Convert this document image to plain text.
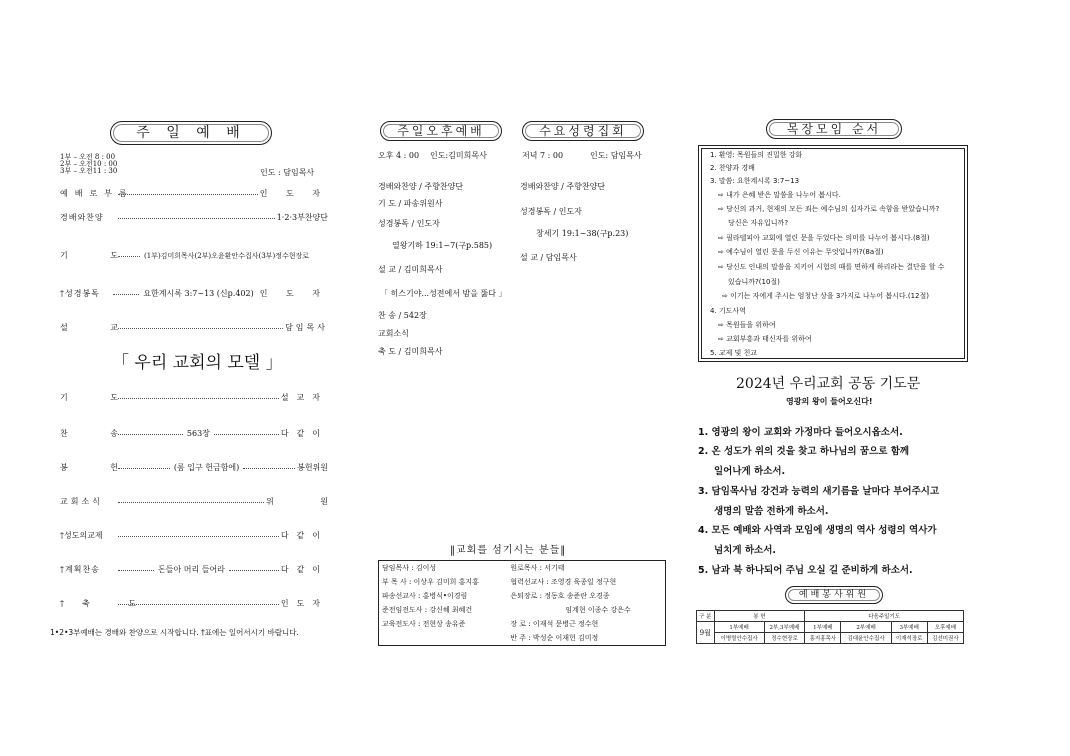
주 일 예 배
1부 – 오전 8 : 00
2부 – 오전10 : 00
3부 – 오전11 : 30	인도 : 담임목사
예배로부름	인 도 자
경배와찬양	1·2·3부찬양단
기 도 (1부)김미희목사(2부)오윤환안수집사(3부)정수현장로
†성경봉독	요한계시록 3:7~13 (신p.402) 인 도 자
설 교	담임목사
「 우리 교회의 모델 」
기 도	설교자
찬 송	563장	다같이
봉 헌	(롬 입구 헌금함에)	봉헌위원
교회소식	위 원
†성도의교제	다같이
†계획찬송	돈들아 머리 들어라	다같이
†축 도	인도자
1•2•3부예배는 경배와 찬양으로 시작합니다. †표에는 일어서시기 바랍니다.
주일오후예배
오후 4 : 00 인도:김미희목사
경배와찬양 / 주향찬양단
기 도 / 파송위원사
성경봉독 / 인도자
열왕기하 19:1~7(구p.585)
설 교 / 김미희목사
「 히스기야...성전에서 밤을 뚫다 」
찬 송 / 542장
교회소식
축 도 / 김미희목사
수요성령집회
저녁 7 : 00	인도: 담임목사
경배와찬양 / 주향찬양단
성경봉독 / 인도자
창세기 19:1~38(구p.23)
설 교 / 담임목사
‖교회를 섬기시는 분들‖
담임목사 : 김이성	원로목사 : 서기태
부 목 사 : 이상우 김미희 홍지홍	협력선교사 : 조영경 육종일 정구현
파송선교사 : 홍병식•이경림	은퇴장로 : 정동호 송준란 오경종
준전임전도사 : 강신혜 최혜건	임계현 이종수 강은수
교육전도사 : 전현상 송유준	장 로 : 이재석 문병근 정수현
	반 주 : 박성순 이재헌 김미정
목장모임 순서
1. 환영: 목원들의 진밀한 강화
2. 찬양과 경배
3. 말씀: 요한계시록 3:7~13
⇨ 내가 은혜 받은 말씀을 나누어 봅시다.
⇨ 당신의 과거, 현재의 모든 죄는 예수님의 십자가로 속함을 받았습니까?
당신은 자유입니까?
⇨ 필라델피아 교회에 열린 문을 두었다는 의미를 나누어 봅시다.(8절)
⇨ 예수님이 열린 문을 두신 이유는 무엇입니까?(8a절)
⇨ 당신도 인내의 말씀을 지키어 시험의 때를 면하게 하리라는 결단을 할 수
있습니까?(10절)
⇨ 이기는 자에게 주시는 엄청난 상을 3가지로 나누어 봅시다.(12절)
4. 기도사역
⇨ 목원들을 위하여
⇨ 교회부흥과 태신자를 위하여
5. 교제 및 친교
2024년 우리교회 공동 기도문
영광의 왕이 들어오신다!
1. 영광의 왕이 교회와 가정마다 들어오시옵소서.
2. 온 성도가 위의 것을 찾고 하나님의 꿈으로 함께
일어나게 하소서.
3. 담임목사님 강건과 능력의 새기름을 날마다 부어주시고
생명의 말씀 전하게 하소서.
4. 모든 예배와 사역과 모임에 생명의 역사 성령의 역사가
넘치게 하소서.
5. 남과 북 하나되어 주님 오실 길 준비하게 하소서.
예배봉사위원
구 분	봉 헌		다음주일기도			
9월	1부예배	2부,3부예배	1부예배	2부예배	3부예배	오후예배
	이병렬안수집사	정수현장로	홍지홍목사	김대윤안수집사	이재석장로	김선미권사
